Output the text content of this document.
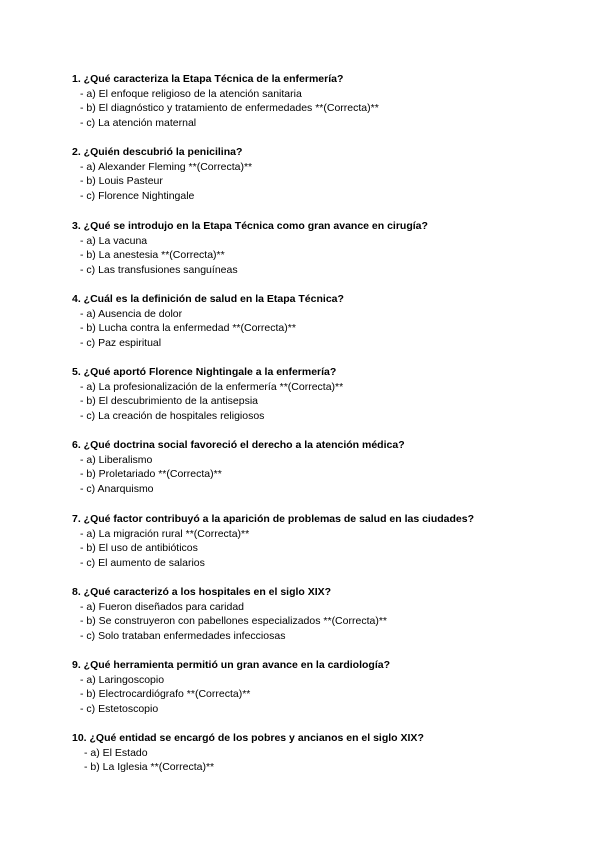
1. ¿Qué caracteriza la Etapa Técnica de la enfermería?

- a) El enfoque religioso de la atención sanitaria
- b) El diagnóstico y tratamiento de enfermedades **(Correcta)**
- c) La atención maternal

2. ¿Quién descubrió la penicilina?

- a) Alexander Fleming **(Correcta)**
- b) Louis Pasteur
- c) Florence Nightingale

3. ¿Qué se introdujo en la Etapa Técnica como gran avance en cirugía?

- a) La vacuna
- b) La anestesia **(Correcta)**
- c) Las transfusiones sanguíneas

4. ¿Cuál es la definición de salud en la Etapa Técnica?

- a) Ausencia de dolor
- b) Lucha contra la enfermedad **(Correcta)**
- c) Paz espiritual

5. ¿Qué aportó Florence Nightingale a la enfermería?

- a) La profesionalización de la enfermería **(Correcta)**
- b) El descubrimiento de la antisepsia
- c) La creación de hospitales religiosos

6. ¿Qué doctrina social favoreció el derecho a la atención médica?

- a) Liberalismo
- b) Proletariado **(Correcta)**
- c) Anarquismo

7. ¿Qué factor contribuyó a la aparición de problemas de salud en las ciudades?

- a) La migración rural **(Correcta)**
- b) El uso de antibióticos
- c) El aumento de salarios

8. ¿Qué caracterizó a los hospitales en el siglo XIX?

- a) Fueron diseñados para caridad
- b) Se construyeron con pabellones especializados **(Correcta)**
- c) Solo trataban enfermedades infecciosas

9. ¿Qué herramienta permitió un gran avance en la cardiología?

- a) Laringoscopio
- b) Electrocardiógrafo **(Correcta)**
- c) Estetoscopio

10. ¿Qué entidad se encargó de los pobres y ancianos en el siglo XIX?

- a) El Estado
- b) La Iglesia **(Correcta)**
